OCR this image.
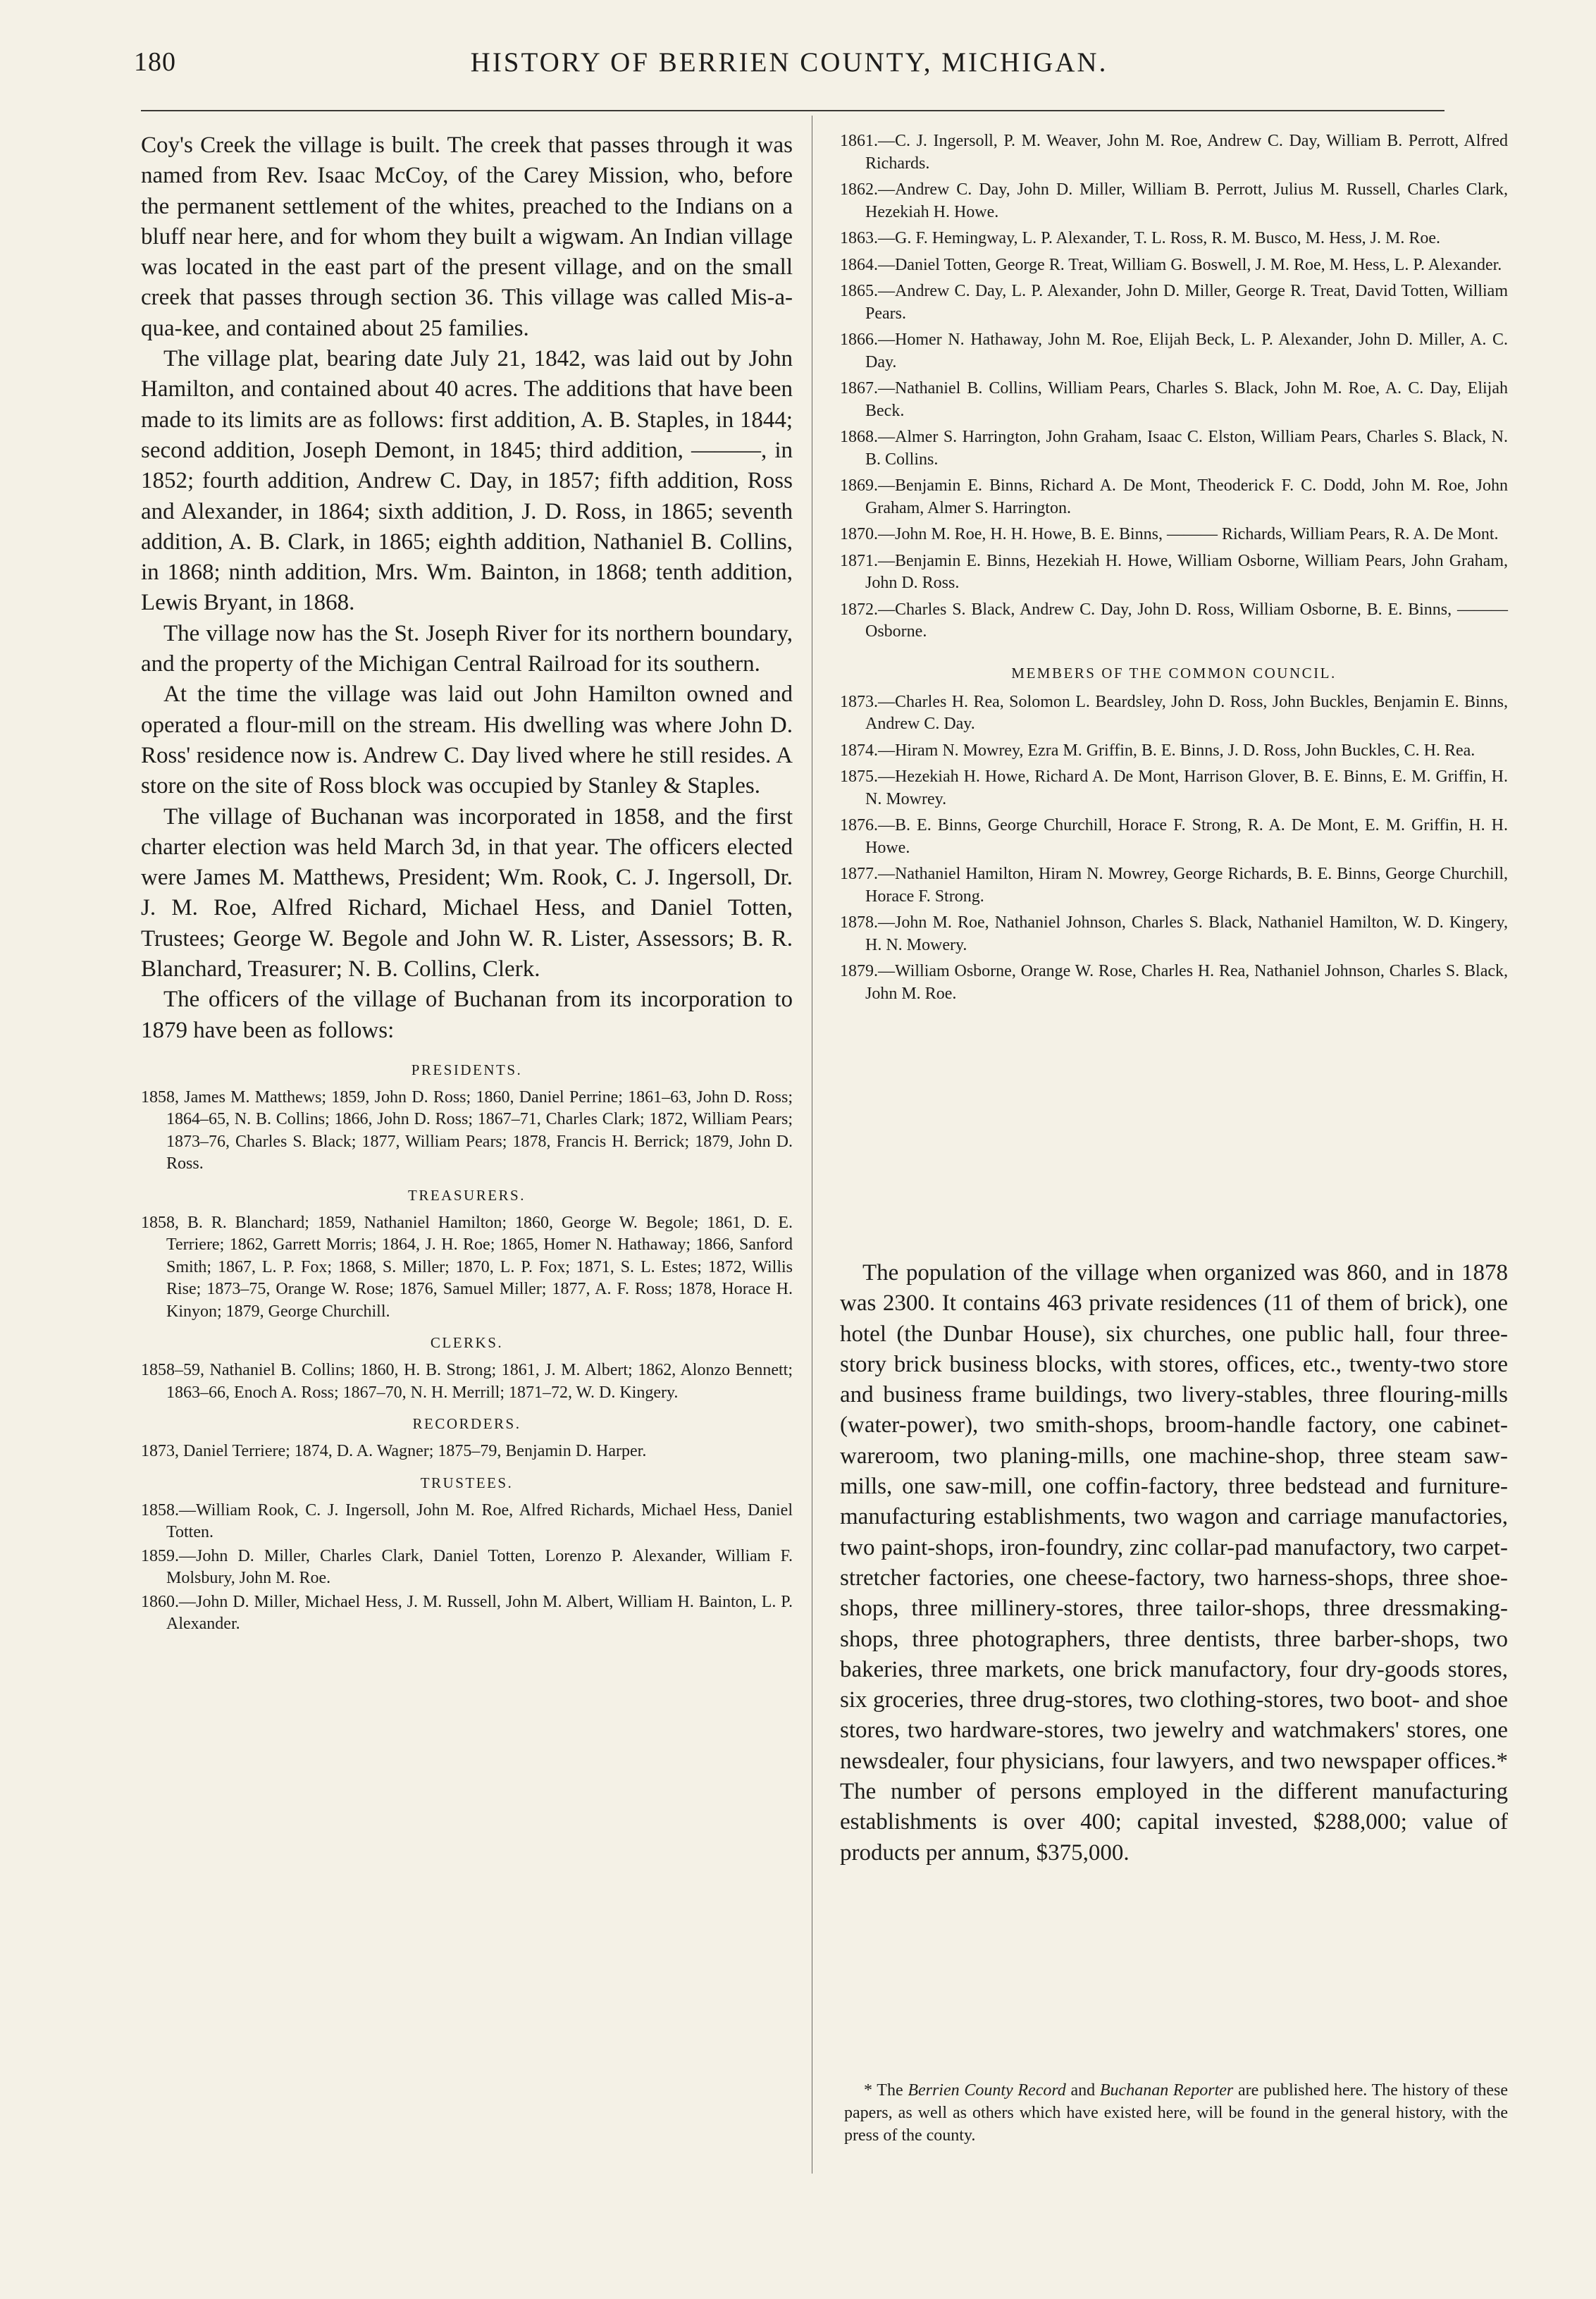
180	HISTORY OF BERRIEN COUNTY, MICHIGAN.

Coy's Creek the village is built. The creek that passes through it was named from Rev. Isaac McCoy, of the Carey Mission, who, before the permanent settlement of the whites, preached to the Indians on a bluff near here, and for whom they built a wigwam. An Indian village was located in the east part of the present village, and on the small creek that passes through section 36. This village was called Mis-a-qua-kee, and contained about 25 families.

The village plat, bearing date July 21, 1842, was laid out by John Hamilton, and contained about 40 acres. The additions that have been made to its limits are as follows: first addition, A. B. Staples, in 1844; second addition, Joseph Demont, in 1845; third addition, ———, in 1852; fourth addition, Andrew C. Day, in 1857; fifth addition, Ross and Alexander, in 1864; sixth addition, J. D. Ross, in 1865; seventh addition, A. B. Clark, in 1865; eighth addition, Nathaniel B. Collins, in 1868; ninth addition, Mrs. Wm. Bainton, in 1868; tenth addition, Lewis Bryant, in 1868.

The village now has the St. Joseph River for its northern boundary, and the property of the Michigan Central Railroad for its southern.

At the time the village was laid out John Hamilton owned and operated a flour-mill on the stream. His dwelling was where John D. Ross' residence now is. Andrew C. Day lived where he still resides. A store on the site of Ross block was occupied by Stanley & Staples.

The village of Buchanan was incorporated in 1858, and the first charter election was held March 3d, in that year. The officers elected were James M. Matthews, President; Wm. Rook, C. J. Ingersoll, Dr. J. M. Roe, Alfred Richard, Michael Hess, and Daniel Totten, Trustees; George W. Begole and John W. R. Lister, Assessors; B. R. Blanchard, Treasurer; N. B. Collins, Clerk.

The officers of the village of Buchanan from its incorporation to 1879 have been as follows:

PRESIDENTS.

1858, James M. Matthews; 1859, John D. Ross; 1860, Daniel Perrine; 1861–63, John D. Ross; 1864–65, N. B. Collins; 1866, John D. Ross; 1867–71, Charles Clark; 1872, William Pears; 1873–76, Charles S. Black; 1877, William Pears; 1878, Francis H. Berrick; 1879, John D. Ross.

TREASURERS.

1858, B. R. Blanchard; 1859, Nathaniel Hamilton; 1860, George W. Begole; 1861, D. E. Terriere; 1862, Garrett Morris; 1864, J. H. Roe; 1865, Homer N. Hathaway; 1866, Sanford Smith; 1867, L. P. Fox; 1868, S. Miller; 1870, L. P. Fox; 1871, S. L. Estes; 1872, Willis Rise; 1873–75, Orange W. Rose; 1876, Samuel Miller; 1877, A. F. Ross; 1878, Horace H. Kinyon; 1879, George Churchill.

CLERKS.

1858–59, Nathaniel B. Collins; 1860, H. B. Strong; 1861, J. M. Albert; 1862, Alonzo Bennett; 1863–66, Enoch A. Ross; 1867–70, N. H. Merrill; 1871–72, W. D. Kingery.

RECORDERS.

1873, Daniel Terriere; 1874, D. A. Wagner; 1875–79, Benjamin D. Harper.

TRUSTEES.

1858.—William Rook, C. J. Ingersoll, John M. Roe, Alfred Richards, Michael Hess, Daniel Totten.

1859.—John D. Miller, Charles Clark, Daniel Totten, Lorenzo P. Alexander, William F. Molsbury, John M. Roe.

1860.—John D. Miller, Michael Hess, J. M. Russell, John M. Albert, William H. Bainton, L. P. Alexander.

1861.—C. J. Ingersoll, P. M. Weaver, John M. Roe, Andrew C. Day, William B. Perrott, Alfred Richards.

1862.—Andrew C. Day, John D. Miller, William B. Perrott, Julius M. Russell, Charles Clark, Hezekiah H. Howe.

1863.—G. F. Hemingway, L. P. Alexander, T. L. Ross, R. M. Busco, M. Hess, J. M. Roe.

1864.—Daniel Totten, George R. Treat, William G. Boswell, J. M. Roe, M. Hess, L. P. Alexander.

1865.—Andrew C. Day, L. P. Alexander, John D. Miller, George R. Treat, David Totten, William Pears.

1866.—Homer N. Hathaway, John M. Roe, Elijah Beck, L. P. Alexander, John D. Miller, A. C. Day.

1867.—Nathaniel B. Collins, William Pears, Charles S. Black, John M. Roe, A. C. Day, Elijah Beck.

1868.—Almer S. Harrington, John Graham, Isaac C. Elston, William Pears, Charles S. Black, N. B. Collins.

1869.—Benjamin E. Binns, Richard A. De Mont, Theoderick F. C. Dodd, John M. Roe, John Graham, Almer S. Harrington.

1870.—John M. Roe, H. H. Howe, B. E. Binns, ——— Richards, William Pears, R. A. De Mont.

1871.—Benjamin E. Binns, Hezekiah H. Howe, William Osborne, William Pears, John Graham, John D. Ross.

1872.—Charles S. Black, Andrew C. Day, John D. Ross, William Osborne, B. E. Binns, ——— Osborne.

MEMBERS OF THE COMMON COUNCIL.

1873.—Charles H. Rea, Solomon L. Beardsley, John D. Ross, John Buckles, Benjamin E. Binns, Andrew C. Day.

1874.—Hiram N. Mowrey, Ezra M. Griffin, B. E. Binns, J. D. Ross, John Buckles, C. H. Rea.

1875.—Hezekiah H. Howe, Richard A. De Mont, Harrison Glover, B. E. Binns, E. M. Griffin, H. N. Mowrey.

1876.—B. E. Binns, George Churchill, Horace F. Strong, R. A. De Mont, E. M. Griffin, H. H. Howe.

1877.—Nathaniel Hamilton, Hiram N. Mowrey, George Richards, B. E. Binns, George Churchill, Horace F. Strong.

1878.—John M. Roe, Nathaniel Johnson, Charles S. Black, Nathaniel Hamilton, W. D. Kingery, H. N. Mowery.

1879.—William Osborne, Orange W. Rose, Charles H. Rea, Nathaniel Johnson, Charles S. Black, John M. Roe.

The population of the village when organized was 860, and in 1878 was 2300. It contains 463 private residences (11 of them of brick), one hotel (the Dunbar House), six churches, one public hall, four three-story brick business blocks, with stores, offices, etc., twenty-two store and business frame buildings, two livery-stables, three flouring-mills (water-power), two smith-shops, broom-handle factory, one cabinet-wareroom, two planing-mills, one machine-shop, three steam saw-mills, one saw-mill, one coffin-factory, three bedstead and furniture-manufacturing establishments, two wagon and carriage manufactories, two paint-shops, iron-foundry, zinc collar-pad manufactory, two carpet-stretcher factories, one cheese-factory, two harness-shops, three shoe-shops, three millinery-stores, three tailor-shops, three dressmaking-shops, three photographers, three dentists, three barber-shops, two bakeries, three markets, one brick manufactory, four dry-goods stores, six groceries, three drug-stores, two clothing-stores, two boot- and shoe stores, two hardware-stores, two jewelry and watchmakers' stores, one newsdealer, four physicians, four lawyers, and two newspaper offices.* The number of persons employed in the different manufacturing establishments is over 400; capital invested, $288,000; value of products per annum, $375,000.

* The Berrien County Record and Buchanan Reporter are published here. The history of these papers, as well as others which have existed here, will be found in the general history, with the press of the county.
